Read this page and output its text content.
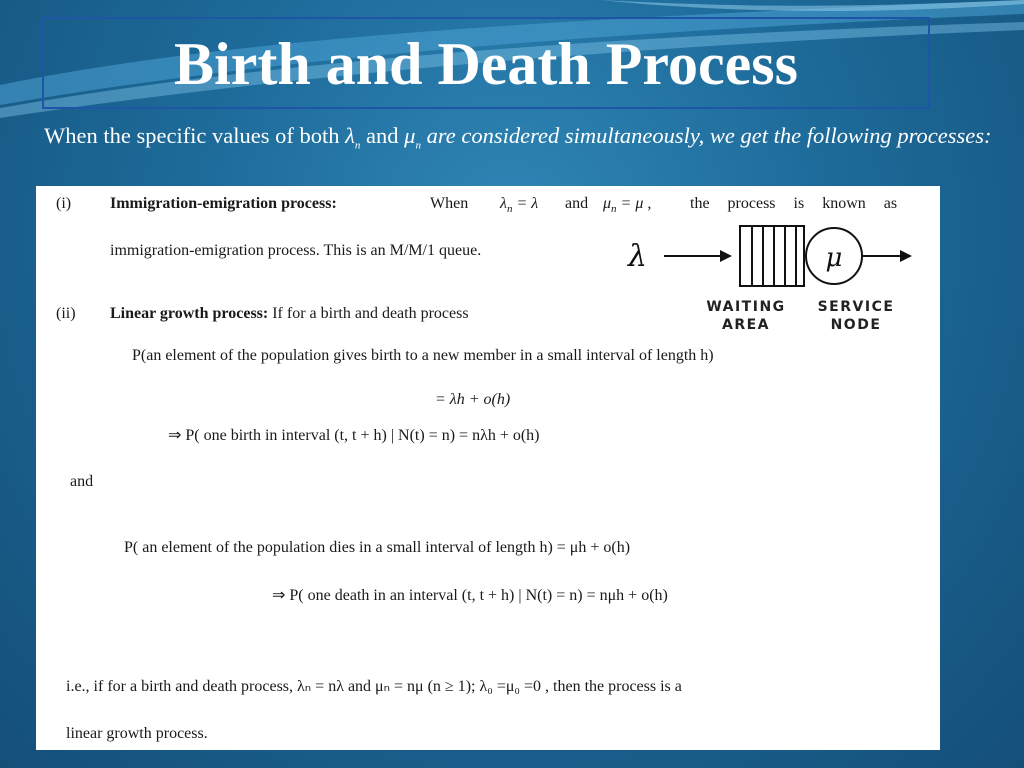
Birth and Death Process
When the specific values of both $\lambda_n$ and $\mu_n$ are considered simultaneously, we get the following processes:
(i) Immigration-emigration process:	When $\lambda_n = \lambda$ and $\mu_n = \mu$ , the process is known as
immigration-emigration process. This is an M/M/1 queue.	λ	μ
WAITING
AREA
SERVICE
NODE
(ii) Linear growth process: If for a birth and death process
P(an element of the population gives birth to a new member in a small interval of length h)
= λh + o(h)
⇒ P( one birth in interval (t, t + h) | N(t) = n) = nλh + o(h)
and
P( an element of the population dies in a small interval of length h) = μh + o(h)
⇒ P( one death in an interval (t, t + h) | N(t) = n) = nμh + o(h)
i.e., if for a birth and death process, λₙ = nλ and μₙ = nμ (n ≥ 1); λ₀ =μ₀ =0 , then the process is a
linear growth process.
